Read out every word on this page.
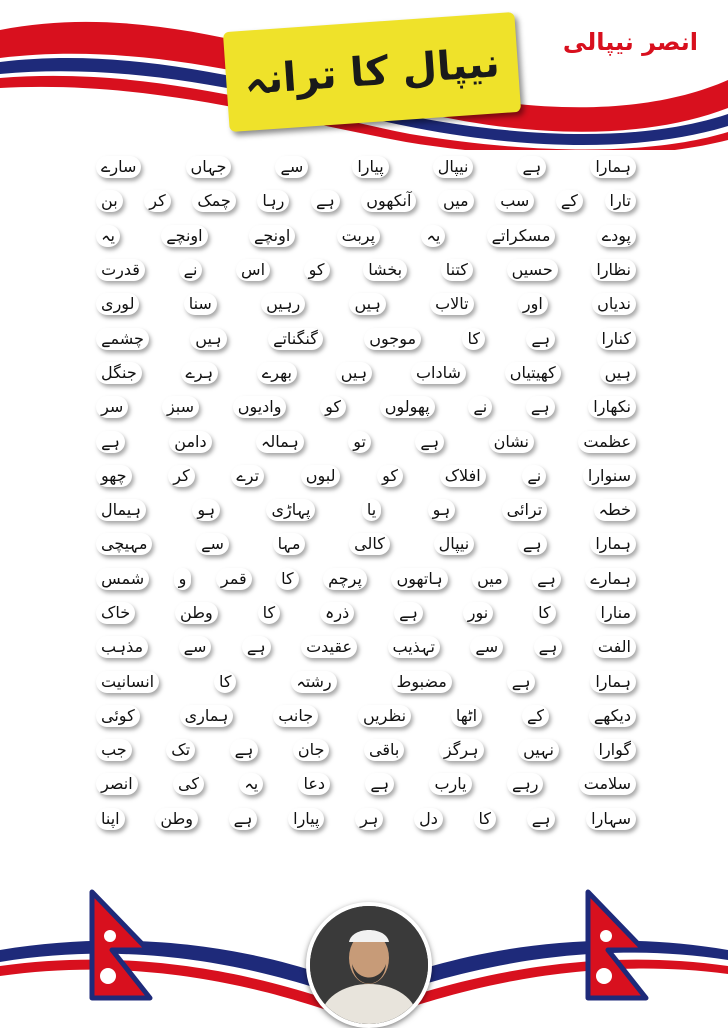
نیپال کا ترانہ	انصر نیپالی
سارے	جہاں	سے	پیارا	نیپال	ہے	ہمارا
بن	کر	چمک	رہا	ہے	آنکھوں	میں	سب	کے	تارا
یہ	اونچے	اونچے	پربت	یہ	مسکراتے	پودے
قدرت	نے	اس	کو	بخشا	کتنا	حسیں	نظارا
لوری	سنا	رہیں	ہیں	تالاب	اور	ندیاں
چشمے	ہیں	گنگناتے	موجوں	کا	ہے	کنارا
جنگل	ہرے	بھرے	ہیں	شاداب	کھیتیاں	ہیں
سر	سبز	وادیوں	کو	پھولوں	نے	ہے	نکھارا
ہے	دامن	ہمالہ	تو	ہے	نشان	عظمت
چھو	کر	ترے	لبوں	کو	افلاک	نے	سنوارا
ہیمال	ہو	پہاڑی	یا	ہو	ترائی	خطہ
مہیچی	سے	مہا	کالی	نیپال	ہے	ہمارا
شمس	و	قمر	کا	پرچم	ہاتھوں	میں	ہے	ہمارے
خاک	وطن	کا	ذرہ	ہے	نور	کا	منارا
مذہب	سے	ہے	عقیدت	تہذیب	سے	ہے	الفت
انسانیت	کا	رشتہ	مضبوط	ہے	ہمارا
کوئی	ہماری	جانب	نظریں	اٹھا	کے	دیکھے
جب	تک	ہے	جان	باقی	ہرگز	نہیں	گوارا
انصر	کی	یہ	دعا	ہے	یارب	رہے	سلامت
اپنا	وطن	ہے	پیارا	ہر	دل	کا	ہے	سہارا
